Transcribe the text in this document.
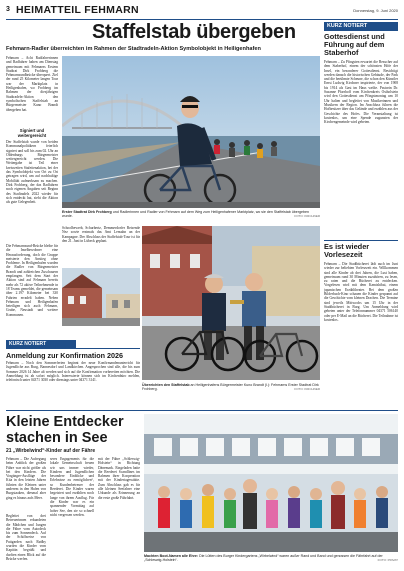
3 HEIMATTEIL FEHMARN	Donnerstag, 9. Juni 2020
Staffelstab übergeben
Fehmarn-Radler überreichten im Rahmen der Stadtradeln-Aktion Symbolobjekt in Heiligenhafen
Fehmarn – Acht Radfahrerinnen und Radfahrer haben am Dienstag gemeinsam mit Fehmarns Erstem Stadtrat Dirk Frohberg die Fehmarnsundbrücke überquert. Ziel der rund 25 Kilometer langen Tour war der Marktplatz in Heiligenhafen, wo Frohberg im Rahmen der diesjährigen Stadtradeln-Aktion den symbolischen Staffelstab an Bürgermeister Kuno Brandt übergeben hat.
Signiert und weitergereicht
Der Staffelstab wurde von beiden Kommunalpolitikern feierlich signiert und soll bis zum 02. Uhr an Oldenburgs Bürgermeister weitergereicht werden. Die Weitergabe ist Teil einer kreisweiten Stafettenaktion, bei der das Symbolobjekt von Ort zu Ort getragen wird, um auf nachhaltige Mobilität aufmerksam zu machen. Dirk Frohberg, der das Radfahren noch eigenen Angaben seit Beginn des Stadtradels 2022 wieder für sich entdeckt hat, sieht die Aktion als gute Gelegenheit.
Die Fehmarnsund-Brücke bleibe für die Inselbewohner eine Herausforderung, doch die Gruppe meisterte den Anstieg ohne Probleme. In Heiligenhafen wurden die Radler von Bürgermeister Brandt und zahlreichen Zuschauern empfangen. Seit dem Start der Aktion sind auf Fehmarn bereits mehr als 72 aktive Teilnehmende in 18 Teams gemeldet, die gemeinsam über 2.197 Kilometer bei 330 Fahrten erradelt haben. Neben Fehmarn und Heiligenhafen beteiligen sich auch Fehmarn, Grube, Neustadt und weitere Kommunen.
Erster Stadtrat Dirk Frohberg und Radlerinnen und Radler von Fehmarn auf dem Weg zum Heiligenhafener Marktplatz, wo sie den Staffelstab übergeben wurde.	FOTO: KIRCHNER
Schoolbewerb, Schurbertz, Demmerdorfer Reisende Nez sowie erstmals das Amt Lensahn an der Kampagne. Der Abschluss der Staffelstab-Tour ist für den 21. Juni in Lübeck geplant.
Übereichten den Staffelstab an Heiligenhafens Bürgermeister Kuno Brandt (l.): Fehmarns Erster Stadtrat Dirk Frohberg.	FOTO: KIRCHNER
KURZ NOTIERT
Anmeldung zur Konfirmation 2026
Fehmarn – Noch den Sommerferien beginnt der neue Konfirmandenunterricht für Jugendliche aus Burg, Bannesdorf und Landkirchen. Angesprochen sind alle, die bis zum Sommer 2026 14 Jahre alt werden und sich auf die Konfirmation vorbereiten möchten. Die Anmeldung ist ab sofort möglich. Interessierte können sich im Kirchenbüro melden, telefonisch unter 04371 3030 oder dienstags unter 04371 3141.
KURZ NOTIERT
Gottesdienst und Führung auf dem Staberhof
Fehmarn – Zu Pfingsten erwartet die Besucher auf dem Staberhof, einem der schönsten Höfe der Insel, ein besonderer Gottesdienst. Besichtigt werden danach die historischen Gebäude, der Park und die berühmte Scheune, die schon den Künstler Ernst Ludwig Kirchner inspirierte, der von 1908 bis 1914 als Gast im Haus weilte. Pastorin Dr. Susanne Pfarrhoff vom Kirchenkreis Ostholstein wird den Gottesdienst am Pfingstmontag um 10 Uhr halten und begleitet von Musikerinnen und Musikern der Region. Im Anschluss führen die Hofbesitzer über das Gelände und erzählen aus der Geschichte des Hofes. Die Veranstaltung ist kostenlos, um eine Spende zugunsten der Kirchengemeinde wird gebeten.
Es ist wieder Vorlesezeit
Fehmarn – Die Stadtbücherei lädt auch im Juni wieder zur beliebten Vorlesezeit ein. Willkommen sind alle Kinder ab drei Jahren, die Lust haben, gemeinsam rund 30 Minuten zuzuhören, zu lesen, zu raten und die Bücherei zu entdecken. Vorgelesen wird mit dem Kamishibai, einem japanischen Erzähltheater. Bei dem großen Bilderbuch-Kino schauen die Kinder gespannt auf die Geschichte vom kleinen Drachen. Die Termine sind jeweils Mittwochs um 15 Uhr in der Stadtbücherei in Burg. Um Anmeldung wird gebeten unter der Telefonnummer 04371 506140 oder per E-Mail an die Bücherei. Die Teilnahme ist kostenlos.
Kleine Entdecker stachen in See
21 „Wirbelwind“-Kinder auf der Fähre
Fehmarn – Die Aufregung beim Anblick der großen Fähre war nicht größer als bei den Kindern. Die Vorgänger-Ausflüge der Kita in den letzten Jahren führten die Kleinen unter anderem in den Hafen von Burgstaaken, diesmal aber ging es hinaus aufs Meer.
Begleitet von drei Betreuerinnen erkundeten die Mädchen und Jungen die Fähre vom Autodeck bis zum Sonnendeck. Auf der Schiffsreise von Puttgarden nach Rødby wurden die Kinder vom Kapitän begrüßt und durften einen Blick auf die Brücke werfen.
seres Engagements für die lokale Gemeinschaft freuen wir uns immer wieder, Kindern und Jugendlichen besondere Einblicke und Erlebnisse zu ermöglichen“, so Kundenbetreuer der Reederei. Die Kinder waren begeistert und erzählten noch lange von ihrem Ausflug. Für die Kinder war es ein spannender Vormittag auf hoher See, den sie so schnell nicht vergessen werden.
mit der Fähre „Schleswig-Holstein“ in Richtung Dänemark. Eingeladen hatte die Reederei Scandlines im Rahmen ihrer Kooperation mit der Kindertagesstätte. Zum Abschluss gab es für alle kleinen Seefahrer eine Urkunde als Erinnerung an die erste große Fährfahrt.
Machten Boot-Namen alle Ehre: Die Lütten des Burger Kindergartens „Wirbelwind“ waren außer Rand und Band und genossen die Fährfahrt auf der „Schleswig-Holstein“.	FOTO: PRIVAT
